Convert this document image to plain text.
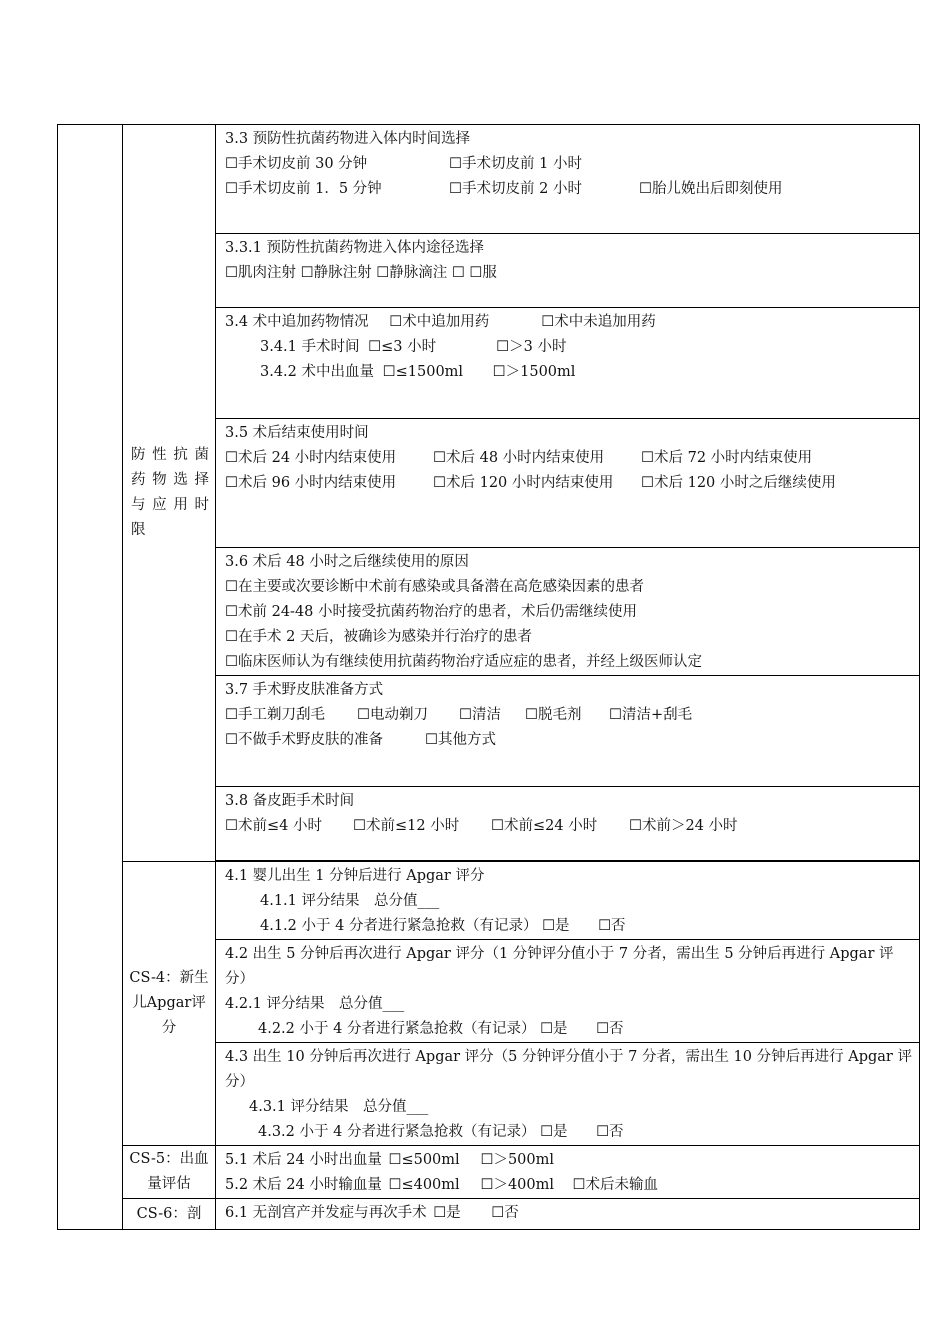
	防性抗菌药物选择与应用时限	3.3 预防性抗菌药物进入体内时间选择
☐手术切皮前 30 分钟 ☐手术切皮前 1 小时
☐手术切皮前 1．5 分钟 ☐手术切皮前 2 小时 ☐胎儿娩出后即刻使用

		3.3.1 预防性抗菌药物进入体内途径选择
☐肌肉注射 ☐静脉注射 ☐静脉滴注 ☐ ☐服

		3.4 术中追加药物情况 ☐术中追加用药 ☐术中未追加用药
3.4.1 手术时间 ☐≤3 小时 ☐＞3 小时
3.4.2 术中出血量 ☐≤1500ml ☐＞1500ml

		3.5 术后结束使用时间
☐术后 24 小时内结束使用 ☐术后 48 小时内结束使用 ☐术后 72 小时内结束使用
☐术后 96 小时内结束使用 ☐术后 120 小时内结束使用 ☐术后 120 小时之后继续使用

		3.6 术后 48 小时之后继续使用的原因
☐在主要或次要诊断中术前有感染或具备潜在高危感染因素的患者
☐术前 24-48 小时接受抗菌药物治疗的患者，术后仍需继续使用
☐在手术 2 天后，被确诊为感染并行治疗的患者
☐临床医师认为有继续使用抗菌药物治疗适应症的患者，并经上级医师认定

		3.7 手术野皮肤准备方式
☐手工剃刀刮毛 ☐电动剃刀 ☐清洁 ☐脱毛剂 ☐清洁+刮毛
☐不做手术野皮肤的准备 ☐其他方式

		3.8 备皮距手术时间
☐术前≤4 小时 ☐术前≤12 小时 ☐术前≤24 小时 ☐术前＞24 小时

	CS-4：新生儿Apgar评分	4.1 婴儿出生 1 分钟后进行 Apgar 评分
4.1.1 评分结果　总分值___
4.1.2 小于 4 分者进行紧急抢救（有记录） ☐是 ☐否

		4.2 出生 5 分钟后再次进行 Apgar 评分（1 分钟评分值小于 7 分者，需出生 5 分钟后再进行 Apgar 评分）
4.2.1 评分结果　总分值___
4.2.2 小于 4 分者进行紧急抢救（有记录） ☐是 ☐否

		4.3 出生 10 分钟后再次进行 Apgar 评分（5 分钟评分值小于 7 分者，需出生 10 分钟后再进行 Apgar 评分）
4.3.1 评分结果　总分值___
4.3.2 小于 4 分者进行紧急抢救（有记录） ☐是 ☐否

	CS-5：出血量评估	5.1 术后 24 小时出血量 ☐≤500ml ☐＞500ml
5.2 术后 24 小时输血量 ☐≤400ml ☐＞400ml ☐术后未输血

	CS-6：剖	6.1 无剖宫产并发症与再次手术 ☐是 ☐否
